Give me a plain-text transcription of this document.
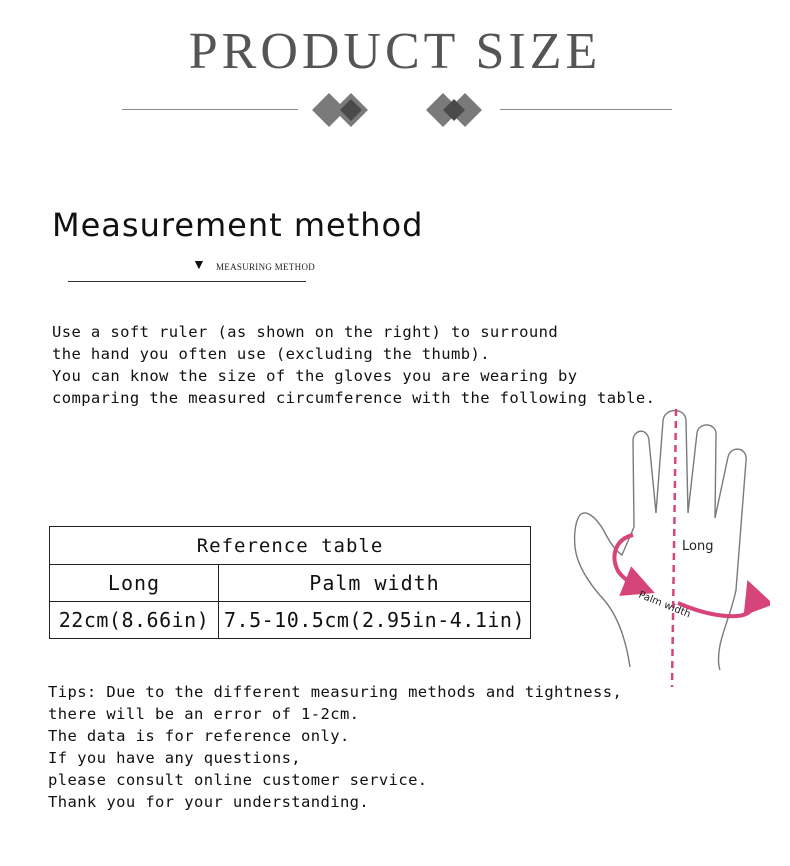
PRODUCT SIZE
Measurement method
▼ MEASURING METHOD
Use a soft ruler (as shown on the right) to surround
the hand you often use (excluding the thumb).
You can know the size of the gloves you are wearing by
comparing the measured circumference with the following table.
Reference table	
Long	Palm width
22cm(8.66in)	7.5-10.5cm(2.95in-4.1in)
Long
Palm width
Tips: Due to the different measuring methods and tightness,
there will be an error of 1-2cm.
The data is for reference only.
If you have any questions,
please consult online customer service.
Thank you for your understanding.
